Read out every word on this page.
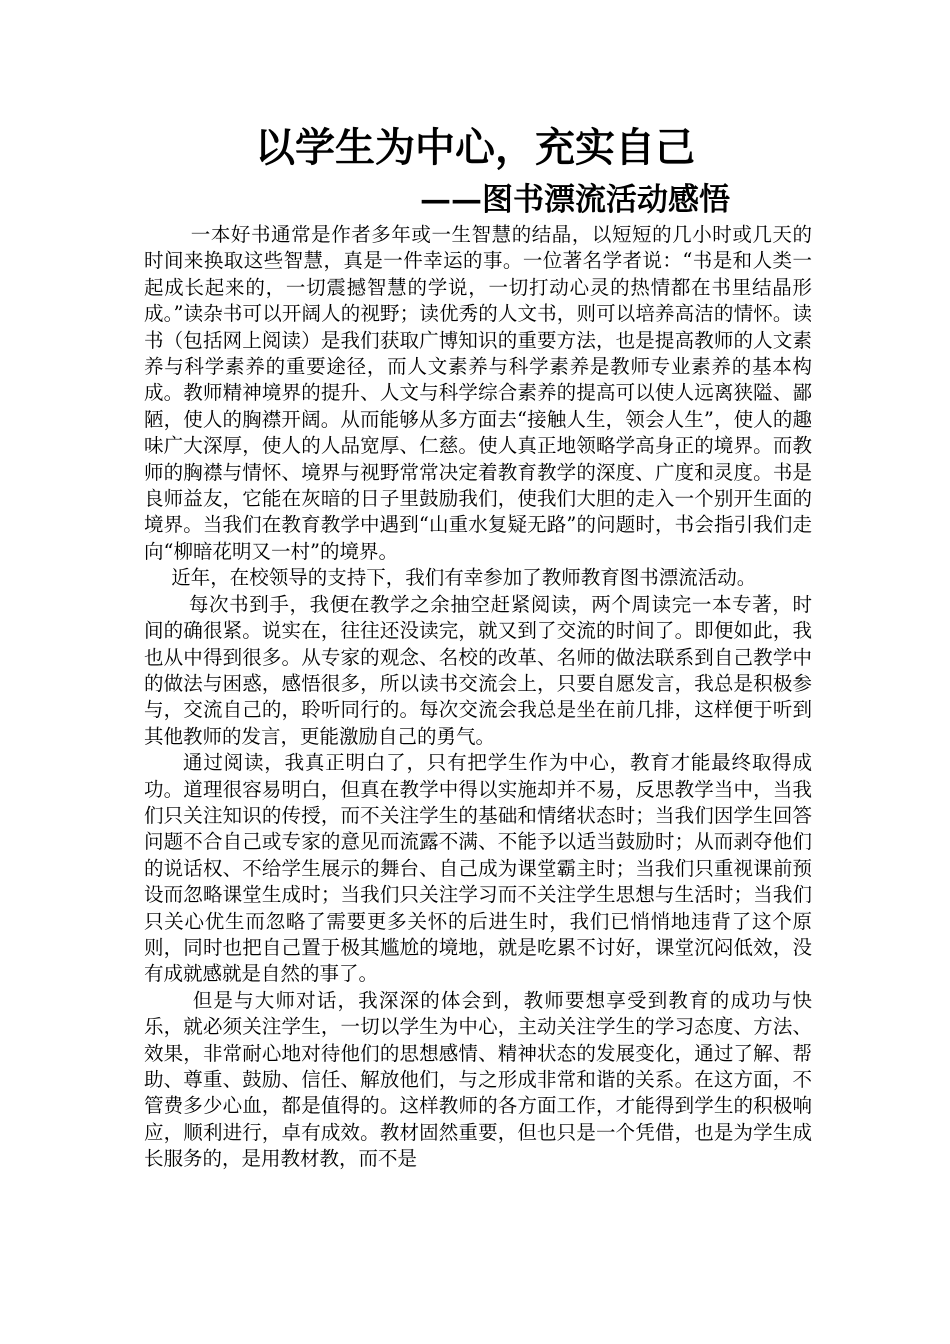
以学生为中心，充实自己
——图书漂流活动感悟

一本好书通常是作者多年或一生智慧的结晶，以短短的几小时或几天的时间来换取这些智慧，真是一件幸运的事。一位著名学者说：“书是和人类一起成长起来的，一切震撼智慧的学说，一切打动心灵的热情都在书里结晶形成。”读杂书可以开阔人的视野；读优秀的人文书，则可以培养高洁的情怀。读书（包括网上阅读）是我们获取广博知识的重要方法，也是提高教师的人文素养与科学素养的重要途径，而人文素养与科学素养是教师专业素养的基本构成。教师精神境界的提升、人文与科学综合素养的提高可以使人远离狭隘、鄙陋，使人的胸襟开阔。从而能够从多方面去“接触人生，领会人生”，使人的趣味广大深厚，使人的人品宽厚、仁慈。使人真正地领略学高身正的境界。而教师的胸襟与情怀、境界与视野常常决定着教育教学的深度、广度和灵度。书是良师益友，它能在灰暗的日子里鼓励我们，使我们大胆的走入一个别开生面的境界。当我们在教育教学中遇到“山重水复疑无路”的问题时，书会指引我们走向“柳暗花明又一村”的境界。

近年，在校领导的支持下，我们有幸参加了教师教育图书漂流活动。

每次书到手，我便在教学之余抽空赶紧阅读，两个周读完一本专著，时间的确很紧。说实在，往往还没读完，就又到了交流的时间了。即便如此，我也从中得到很多。从专家的观念、名校的改革、名师的做法联系到自己教学中的做法与困惑，感悟很多，所以读书交流会上，只要自愿发言，我总是积极参与，交流自己的，聆听同行的。每次交流会我总是坐在前几排，这样便于听到其他教师的发言，更能激励自己的勇气。

通过阅读，我真正明白了，只有把学生作为中心，教育才能最终取得成功。道理很容易明白，但真在教学中得以实施却并不易，反思教学当中，当我们只关注知识的传授，而不关注学生的基础和情绪状态时；当我们因学生回答问题不合自己或专家的意见而流露不满、不能予以适当鼓励时；从而剥夺他们的说话权、不给学生展示的舞台、自己成为课堂霸主时；当我们只重视课前预设而忽略课堂生成时；当我们只关注学习而不关注学生思想与生活时；当我们只关心优生而忽略了需要更多关怀的后进生时，我们已悄悄地违背了这个原则，同时也把自己置于极其尴尬的境地，就是吃累不讨好，课堂沉闷低效，没有成就感就是自然的事了。

但是与大师对话，我深深的体会到，教师要想享受到教育的成功与快乐，就必须关注学生，一切以学生为中心，主动关注学生的学习态度、方法、效果，非常耐心地对待他们的思想感情、精神状态的发展变化，通过了解、帮助、尊重、鼓励、信任、解放他们，与之形成非常和谐的关系。在这方面，不管费多少心血，都是值得的。这样教师的各方面工作，才能得到学生的积极响应，顺利进行，卓有成效。教材固然重要，但也只是一个凭借，也是为学生成长服务的，是用教材教，而不是
